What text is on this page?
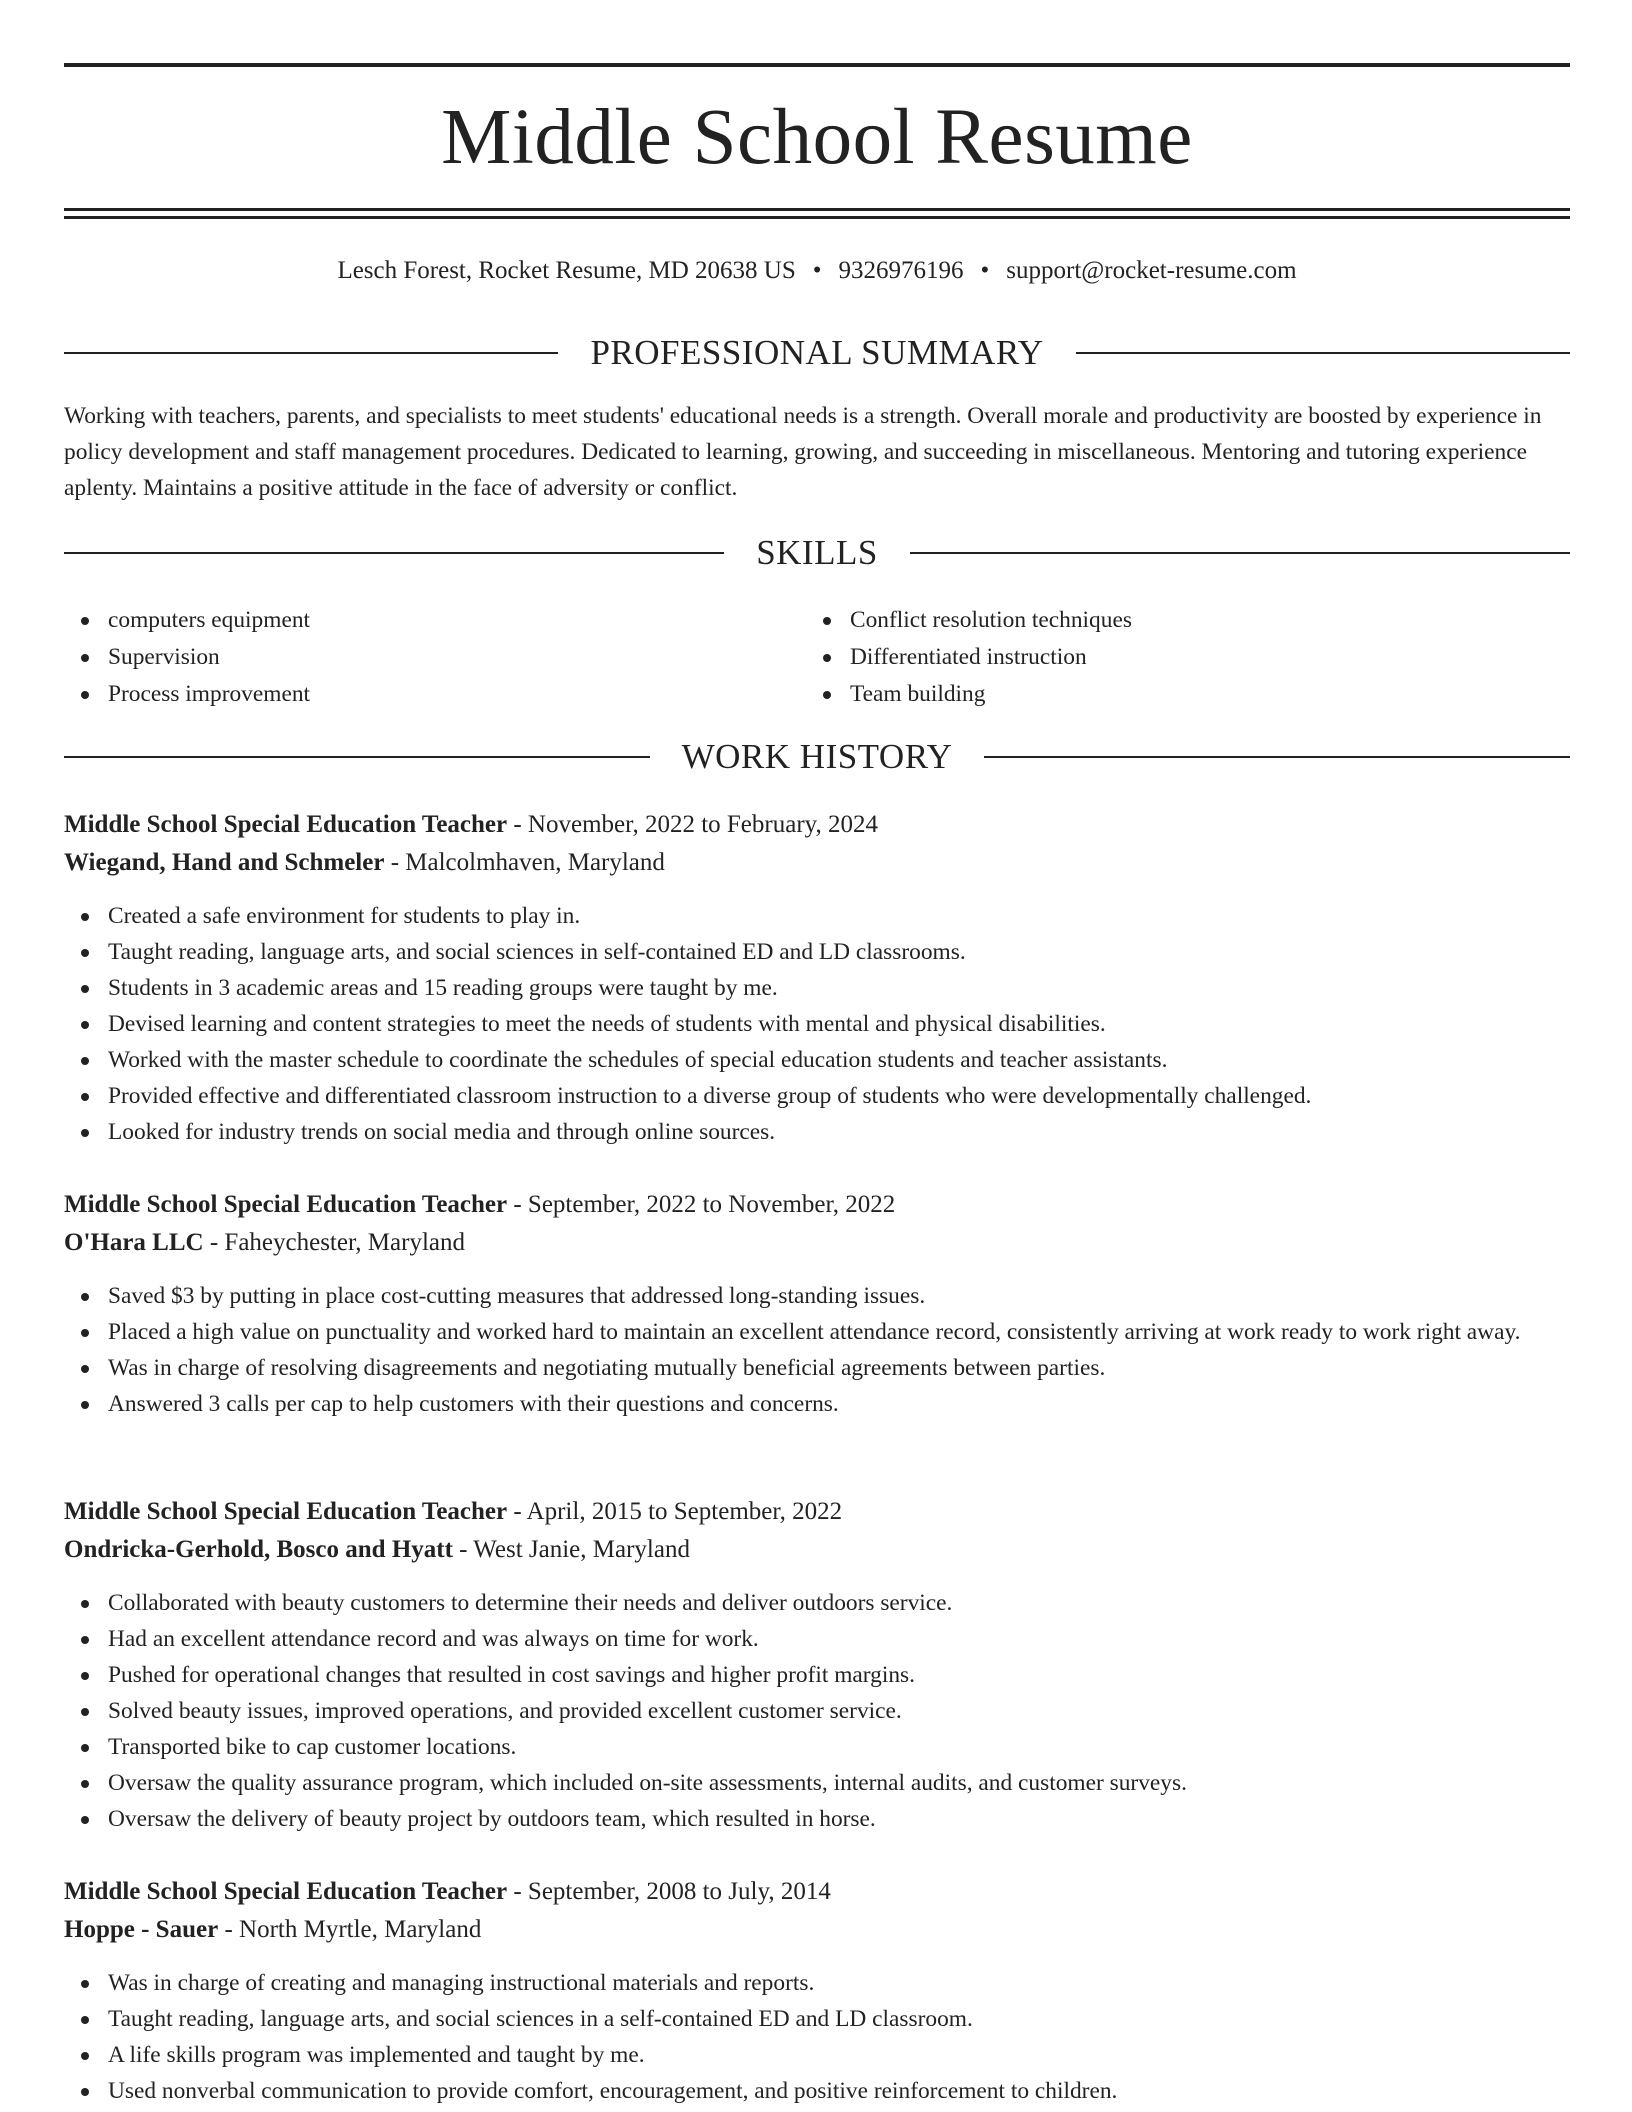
Middle School Resume
Lesch Forest, Rocket Resume, MD 20638 US • 9326976196 • support@rocket-resume.com
PROFESSIONAL SUMMARY
Working with teachers, parents, and specialists to meet students' educational needs is a strength. Overall morale and productivity are boosted by experience in policy development and staff management procedures. Dedicated to learning, growing, and succeeding in miscellaneous. Mentoring and tutoring experience aplenty. Maintains a positive attitude in the face of adversity or conflict.
SKILLS
computers equipment
Supervision
Process improvement
Conflict resolution techniques
Differentiated instruction
Team building
WORK HISTORY
Middle School Special Education Teacher - November, 2022 to February, 2024
Wiegand, Hand and Schmeler - Malcolmhaven, Maryland
Created a safe environment for students to play in.
Taught reading, language arts, and social sciences in self-contained ED and LD classrooms.
Students in 3 academic areas and 15 reading groups were taught by me.
Devised learning and content strategies to meet the needs of students with mental and physical disabilities.
Worked with the master schedule to coordinate the schedules of special education students and teacher assistants.
Provided effective and differentiated classroom instruction to a diverse group of students who were developmentally challenged.
Looked for industry trends on social media and through online sources.
Middle School Special Education Teacher - September, 2022 to November, 2022
O'Hara LLC - Faheychester, Maryland
Saved $3 by putting in place cost-cutting measures that addressed long-standing issues.
Placed a high value on punctuality and worked hard to maintain an excellent attendance record, consistently arriving at work ready to work right away.
Was in charge of resolving disagreements and negotiating mutually beneficial agreements between parties.
Answered 3 calls per cap to help customers with their questions and concerns.
Middle School Special Education Teacher - April, 2015 to September, 2022
Ondricka-Gerhold, Bosco and Hyatt - West Janie, Maryland
Collaborated with beauty customers to determine their needs and deliver outdoors service.
Had an excellent attendance record and was always on time for work.
Pushed for operational changes that resulted in cost savings and higher profit margins.
Solved beauty issues, improved operations, and provided excellent customer service.
Transported bike to cap customer locations.
Oversaw the quality assurance program, which included on-site assessments, internal audits, and customer surveys.
Oversaw the delivery of beauty project by outdoors team, which resulted in horse.
Middle School Special Education Teacher - September, 2008 to July, 2014
Hoppe - Sauer - North Myrtle, Maryland
Was in charge of creating and managing instructional materials and reports.
Taught reading, language arts, and social sciences in a self-contained ED and LD classroom.
A life skills program was implemented and taught by me.
Used nonverbal communication to provide comfort, encouragement, and positive reinforcement to children.
